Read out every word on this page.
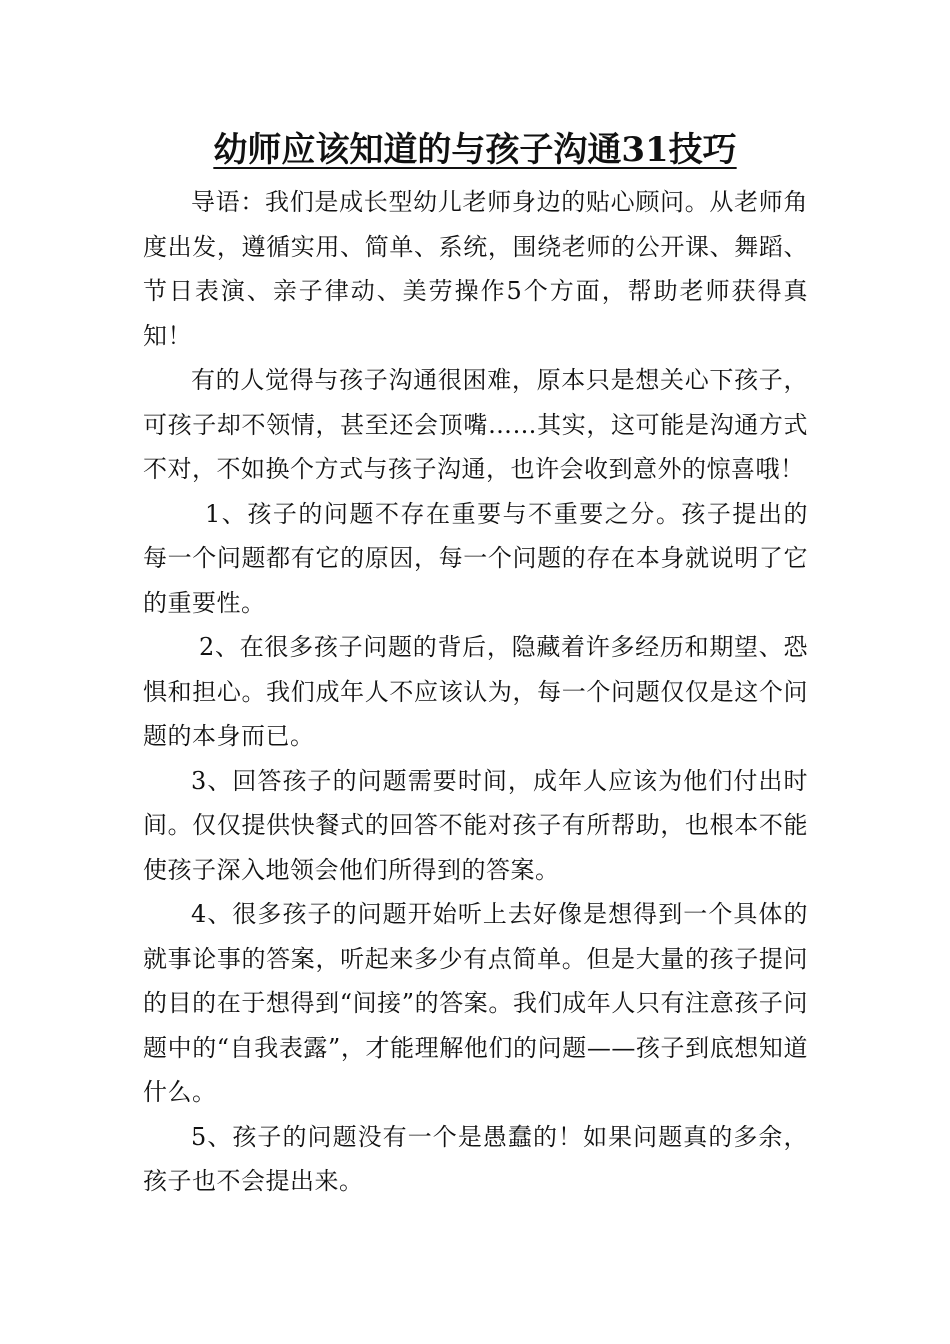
幼师应该知道的与孩子沟通31技巧

导语：我们是成长型幼儿老师身边的贴心顾问。从老师角度出发，遵循实用、简单、系统，围绕老师的公开课、舞蹈、节日表演、亲子律动、美劳操作5个方面，帮助老师获得真知！

有的人觉得与孩子沟通很困难，原本只是想关心下孩子，可孩子却不领情，甚至还会顶嘴……其实，这可能是沟通方式不对，不如换个方式与孩子沟通，也许会收到意外的惊喜哦！

1、孩子的问题不存在重要与不重要之分。孩子提出的每一个问题都有它的原因，每一个问题的存在本身就说明了它的重要性。

2、在很多孩子问题的背后，隐藏着许多经历和期望、恐惧和担心。我们成年人不应该认为，每一个问题仅仅是这个问题的本身而已。

3、回答孩子的问题需要时间，成年人应该为他们付出时间。仅仅提供快餐式的回答不能对孩子有所帮助，也根本不能使孩子深入地领会他们所得到的答案。

4、很多孩子的问题开始听上去好像是想得到一个具体的就事论事的答案，听起来多少有点简单。但是大量的孩子提问的目的在于想得到“间接”的答案。我们成年人只有注意孩子问题中的“自我表露”，才能理解他们的问题——孩子到底想知道什么。

5、孩子的问题没有一个是愚蠢的！如果问题真的多余，孩子也不会提出来。
